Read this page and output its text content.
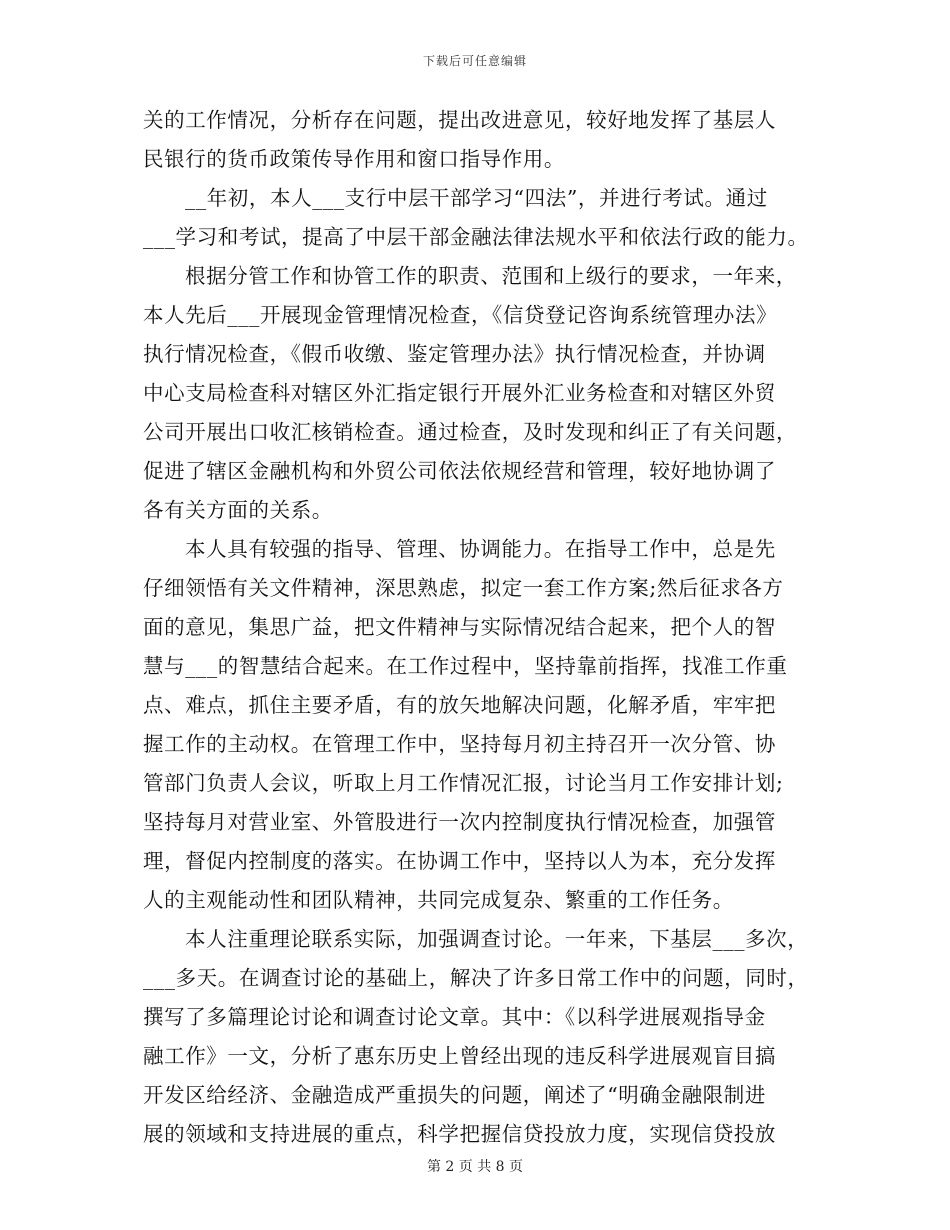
下载后可任意编辑
关的工作情况，分析存在问题，提出改进意见，较好地发挥了基层人
民银行的货币政策传导作用和窗口指导作用。
__年初，本人___支行中层干部学习“四法”，并进行考试。通过
___学习和考试，提高了中层干部金融法律法规水平和依法行政的能力。
根据分管工作和协管工作的职责、范围和上级行的要求，一年来，
本人先后___开展现金管理情况检查，《信贷登记咨询系统管理办法》
执行情况检查，《假币收缴、鉴定管理办法》执行情况检查，并协调
中心支局检查科对辖区外汇指定银行开展外汇业务检查和对辖区外贸
公司开展出口收汇核销检查。通过检查，及时发现和纠正了有关问题，
促进了辖区金融机构和外贸公司依法依规经营和管理，较好地协调了
各有关方面的关系。
本人具有较强的指导、管理、协调能力。在指导工作中，总是先
仔细领悟有关文件精神，深思熟虑，拟定一套工作方案;然后征求各方
面的意见，集思广益，把文件精神与实际情况结合起来，把个人的智
慧与___的智慧结合起来。在工作过程中，坚持靠前指挥，找准工作重
点、难点，抓住主要矛盾，有的放矢地解决问题，化解矛盾，牢牢把
握工作的主动权。在管理工作中，坚持每月初主持召开一次分管、协
管部门负责人会议，听取上月工作情况汇报，讨论当月工作安排计划;
坚持每月对营业室、外管股进行一次内控制度执行情况检查，加强管
理，督促内控制度的落实。在协调工作中，坚持以人为本，充分发挥
人的主观能动性和团队精神，共同完成复杂、繁重的工作任务。
本人注重理论联系实际，加强调查讨论。一年来，下基层___多次，
___多天。在调查讨论的基础上，解决了许多日常工作中的问题，同时，
撰写了多篇理论讨论和调查讨论文章。其中：《以科学进展观指导金
融工作》一文，分析了惠东历史上曾经出现的违反科学进展观盲目搞
开发区给经济、金融造成严重损失的问题，阐述了“明确金融限制进
展的领域和支持进展的重点，科学把握信贷投放力度，实现信贷投放
第 2 页 共 8 页
